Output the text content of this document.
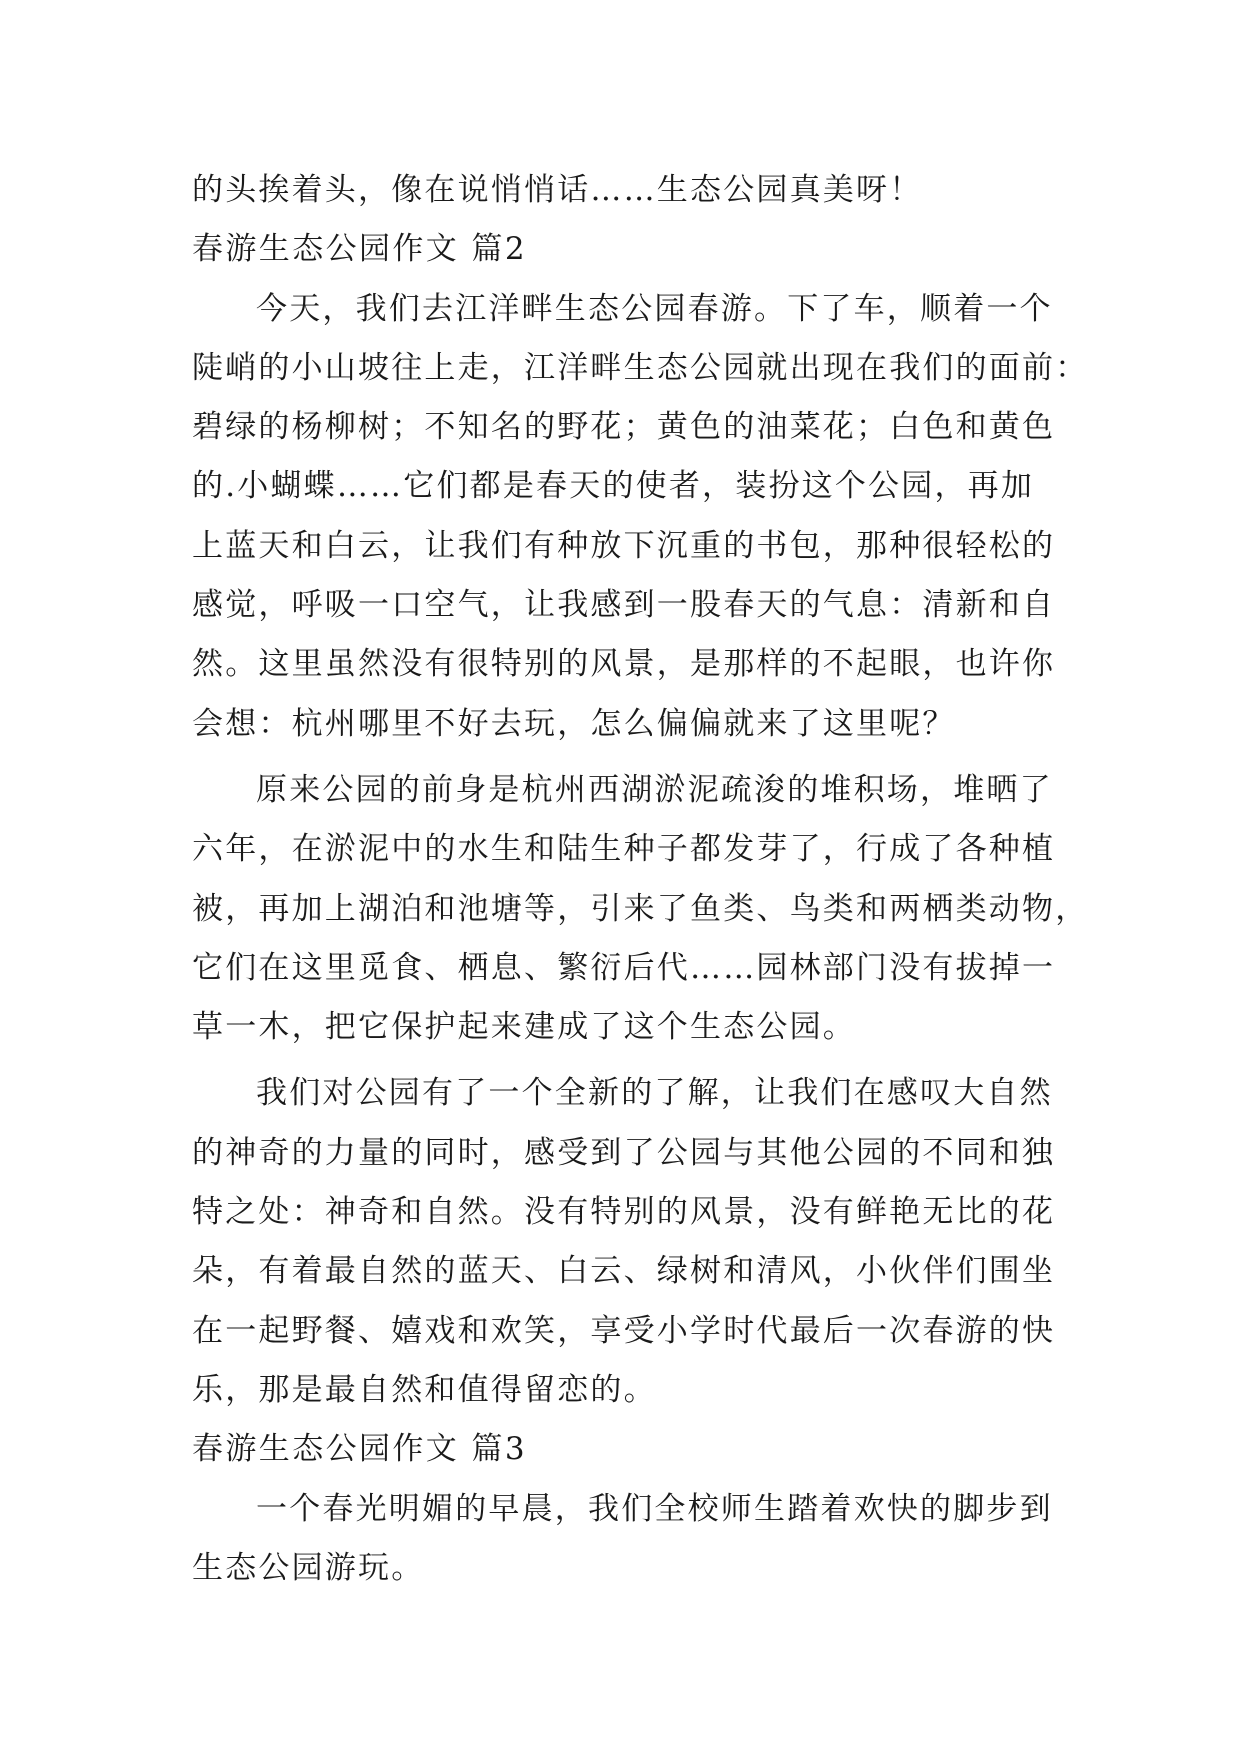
的头挨着头，像在说悄悄话……生态公园真美呀！
春游生态公园作文 篇2
今天，我们去江洋畔生态公园春游。下了车，顺着一个
陡峭的小山坡往上走，江洋畔生态公园就出现在我们的面前：
碧绿的杨柳树；不知名的野花；黄色的油菜花；白色和黄色
的.小蝴蝶……它们都是春天的使者，装扮这个公园，再加
上蓝天和白云，让我们有种放下沉重的书包，那种很轻松的
感觉，呼吸一口空气，让我感到一股春天的气息：清新和自
然。这里虽然没有很特别的风景，是那样的不起眼，也许你
会想：杭州哪里不好去玩，怎么偏偏就来了这里呢？
原来公园的前身是杭州西湖淤泥疏浚的堆积场，堆晒了
六年，在淤泥中的水生和陆生种子都发芽了，行成了各种植
被，再加上湖泊和池塘等，引来了鱼类、鸟类和两栖类动物，
它们在这里觅食、栖息、繁衍后代……园林部门没有拔掉一
草一木，把它保护起来建成了这个生态公园。
我们对公园有了一个全新的了解，让我们在感叹大自然
的神奇的力量的同时，感受到了公园与其他公园的不同和独
特之处：神奇和自然。没有特别的风景，没有鲜艳无比的花
朵，有着最自然的蓝天、白云、绿树和清风，小伙伴们围坐
在一起野餐、嬉戏和欢笑，享受小学时代最后一次春游的快
乐，那是最自然和值得留恋的。
春游生态公园作文 篇3
一个春光明媚的早晨，我们全校师生踏着欢快的脚步到
生态公园游玩。
